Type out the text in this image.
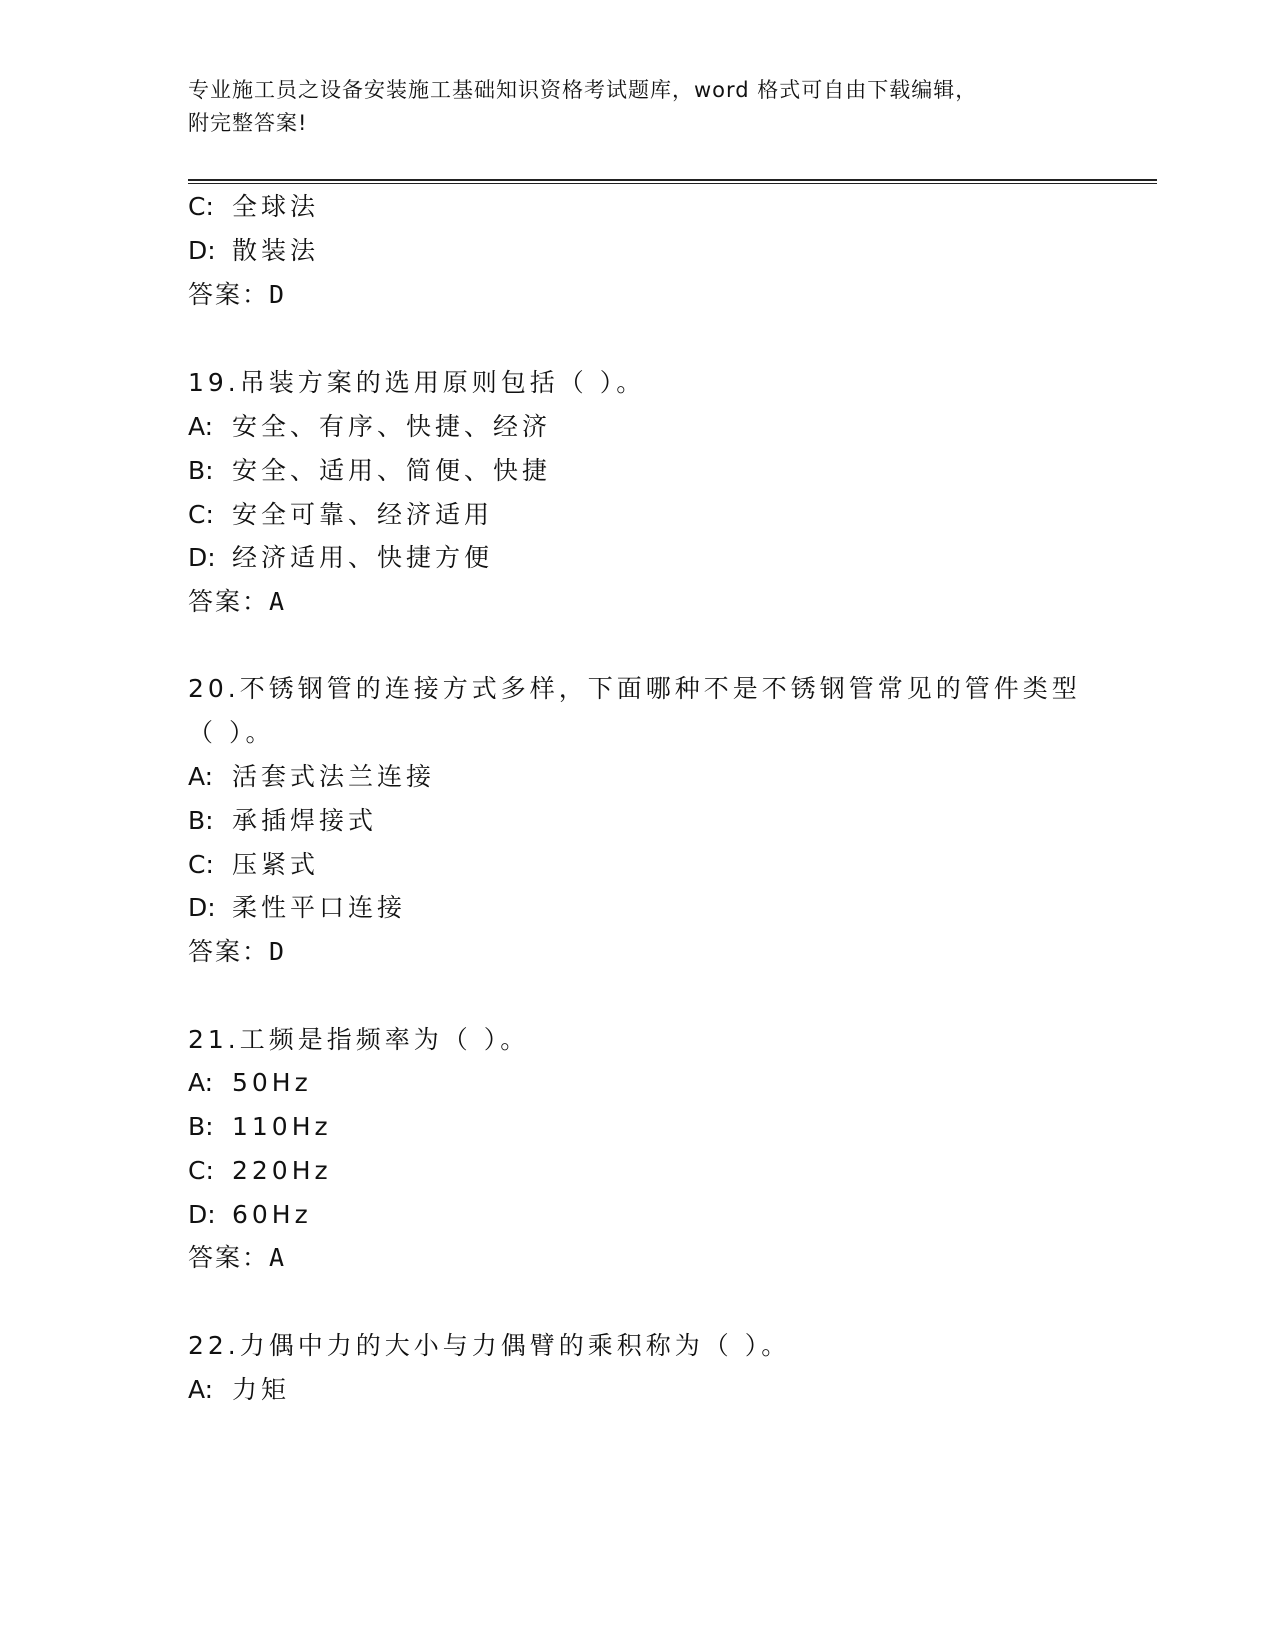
专业施工员之设备安装施工基础知识资格考试题库，word 格式可自由下载编辑，
附完整答案!
C: 全球法
D: 散装法
答案：D
19.吊装方案的选用原则包括（ ）。
A: 安全、有序、快捷、经济
B: 安全、适用、简便、快捷
C: 安全可靠、经济适用
D: 经济适用、快捷方便
答案：A
20.不锈钢管的连接方式多样，下面哪种不是不锈钢管常见的管件类型
（ ）。
A: 活套式法兰连接
B: 承插焊接式
C: 压紧式
D: 柔性平口连接
答案：D
21.工频是指频率为（ ）。
A: 50Hz
B: 110Hz
C: 220Hz
D: 60Hz
答案：A
22.力偶中力的大小与力偶臂的乘积称为（ ）。
A: 力矩
